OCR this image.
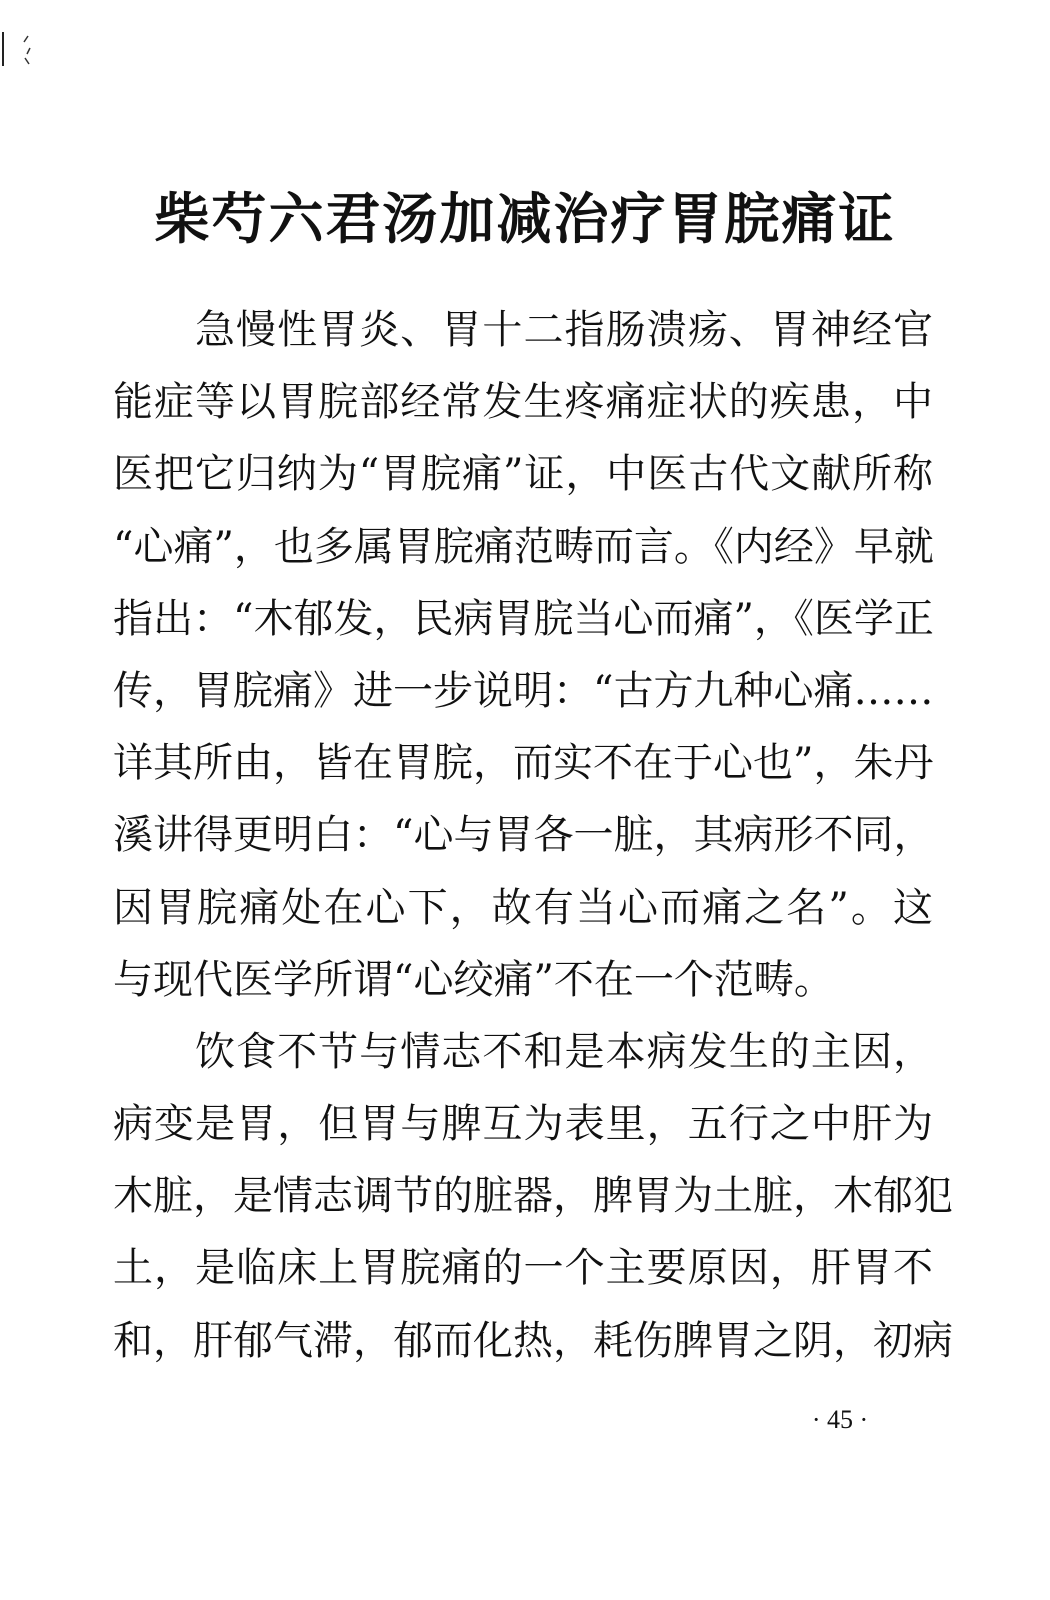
柴芍六君汤加减治疗胃脘痛证
急慢性胃炎、胃十二指肠溃疡、胃神经官
能症等以胃脘部经常发生疼痛症状的疾患，中
医把它归纳为“胃脘痛”证，中医古代文献所称
“心痛”，也多属胃脘痛范畴而言。《内经》早就
指出：“木郁发，民病胃脘当心而痛”，《医学正
传，胃脘痛》进一步说明：“古方九种心痛……
详其所由，皆在胃脘，而实不在于心也”，朱丹
溪讲得更明白：“心与胃各一脏，其病形不同，
因胃脘痛处在心下，故有当心而痛之名”。这
与现代医学所谓“心绞痛”不在一个范畴。
饮食不节与情志不和是本病发生的主因，
病变是胃，但胃与脾互为表里，五行之中肝为
木脏，是情志调节的脏器，脾胃为土脏，木郁犯
土，是临床上胃脘痛的一个主要原因，肝胃不
和，肝郁气滞，郁而化热，耗伤脾胃之阴，初病
· 45 ·
